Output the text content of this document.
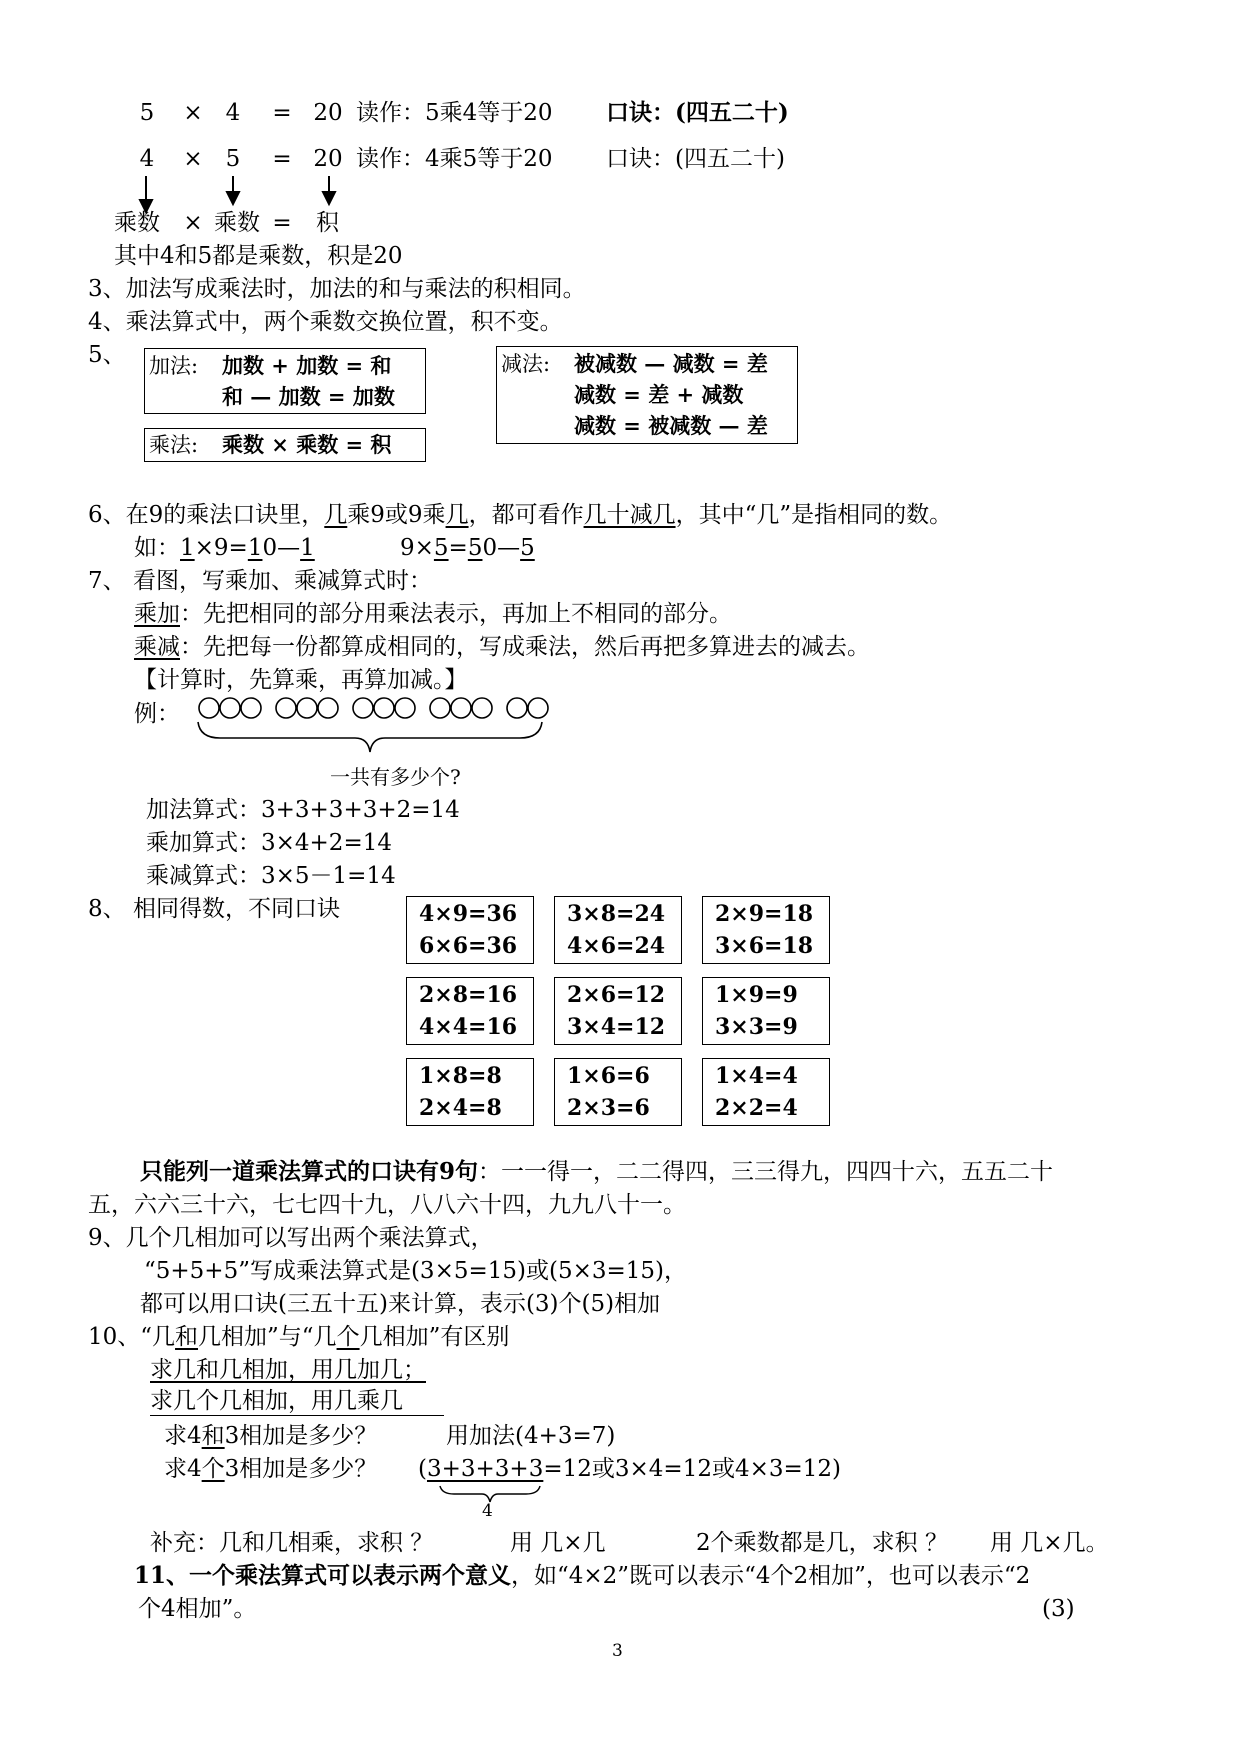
5 × 4 = 20 读作：5乘4等于20 口诀：(四五二十)
4 × 5 = 20 读作：4乘5等于20 口诀：(四五二十)
乘数 × 乘数 = 积
其中4和5都是乘数，积是20
3、加法写成乘法时，加法的和与乘法的积相同。
4、乘法算式中，两个乘数交换位置，积不变。
5、 加法: 加数 + 加数 = 和
和 — 加数 = 加数
乘法: 乘数 × 乘数 = 积
减法: 被减数 — 减数 = 差
减数 = 差 + 减数
减数 = 被减数 — 差
6、在9的乘法口诀里，几乘9或9乘几，都可看作几十减几，其中“几”是指相同的数。
如：1×9=10—1	9×5=50—5
7、 看图，写乘加、乘减算式时：
乘加：先把相同的部分用乘法表示，再加上不相同的部分。
乘减：先把每一份都算成相同的，写成乘法，然后再把多算进去的减去。
【计算时，先算乘，再算加减。】
例：
一共有多少个?
加法算式：3+3+3+3+2=14
乘加算式：3×4+2=14
乘减算式：3×5－1=14
8、 相同得数，不同口诀	4×9=36
6×6=36
3×8=24
4×6=24
2×9=18
3×6=18
2×8=16
4×4=16
2×6=12
3×4=12
1×9=9
3×3=9
1×8=8
2×4=8
1×6=6
2×3=6
1×4=4
2×2=4
只能列一道乘法算式的口诀有9句：一一得一，二二得四，三三得九，四四十六，五五二十
五，六六三十六，七七四十九，八八六十四，九九八十一。
9、几个几相加可以写出两个乘法算式，
“5+5+5”写成乘法算式是(3×5=15)或(5×3=15)，
都可以用口诀(三五十五)来计算，表示(3)个(5)相加
10、“几和几相加”与“几个几相加”有区别
求几和几相加，用几加几；
求几个几相加，用几乘几
求4和3相加是多少？	用加法(4+3=7)
求4个3相加是多少？ (3+3+3+3=12或3×4=12或4×3=12)
4
补充：几和几相乘，求积 ？	用 几×几	2个乘数都是几，求积 ？ 用 几×几。
11、一个乘法算式可以表示两个意义，如“4×2”既可以表示“4个2相加”，也可以表示“2
个4相加”。	(3)
3
